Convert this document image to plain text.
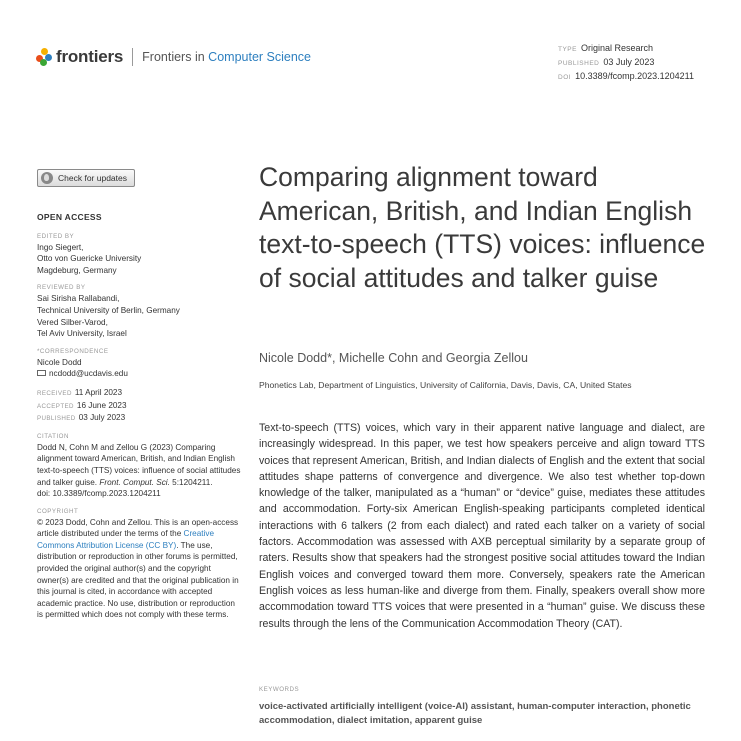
frontiers Frontiers in Computer Science
TYPE Original Research
PUBLISHED 03 July 2023
DOI 10.3389/fcomp.2023.1204211
Check for updates
OPEN ACCESS
EDITED BY
Ingo Siegert,
Otto von Guericke University
Magdeburg, Germany
REVIEWED BY
Sai Sirisha Rallabandi,
Technical University of Berlin, Germany
Vered Silber-Varod,
Tel Aviv University, Israel
*CORRESPONDENCE
Nicole Dodd
ncdodd@ucdavis.edu
RECEIVED 11 April 2023
ACCEPTED 16 June 2023
PUBLISHED 03 July 2023
CITATION
Dodd N, Cohn M and Zellou G (2023) Comparing alignment toward American, British, and Indian English text-to-speech (TTS) voices: influence of social attitudes and talker guise. Front. Comput. Sci. 5:1204211.
doi: 10.3389/fcomp.2023.1204211
COPYRIGHT
© 2023 Dodd, Cohn and Zellou. This is an open-access article distributed under the terms of the Creative Commons Attribution License (CC BY). The use, distribution or reproduction in other forums is permitted, provided the original author(s) and the copyright owner(s) are credited and that the original publication in this journal is cited, in accordance with accepted academic practice. No use, distribution or reproduction is permitted which does not comply with these terms.
Comparing alignment toward American, British, and Indian English text-to-speech (TTS) voices: influence of social attitudes and talker guise
Nicole Dodd*, Michelle Cohn and Georgia Zellou
Phonetics Lab, Department of Linguistics, University of California, Davis, Davis, CA, United States

Text-to-speech (TTS) voices, which vary in their apparent native language and dialect, are increasingly widespread. In this paper, we test how speakers perceive and align toward TTS voices that represent American, British, and Indian dialects of English and the extent that social attitudes shape patterns of convergence and divergence. We also test whether top-down knowledge of the talker, manipulated as a “human” or “device” guise, mediates these attitudes and accommodation. Forty-six American English-speaking participants completed identical interactions with 6 talkers (2 from each dialect) and rated each talker on a variety of social factors. Accommodation was assessed with AXB perceptual similarity by a separate group of raters. Results show that speakers had the strongest positive social attitudes toward the Indian English voices and converged toward them more. Conversely, speakers rate the American English voices as less human-like and diverge from them. Finally, speakers overall show more accommodation toward TTS voices that were presented in a “human” guise. We discuss these results through the lens of the Communication Accommodation Theory (CAT).

KEYWORDS
voice-activated artificially intelligent (voice-AI) assistant, human-computer interaction, phonetic accommodation, dialect imitation, apparent guise
